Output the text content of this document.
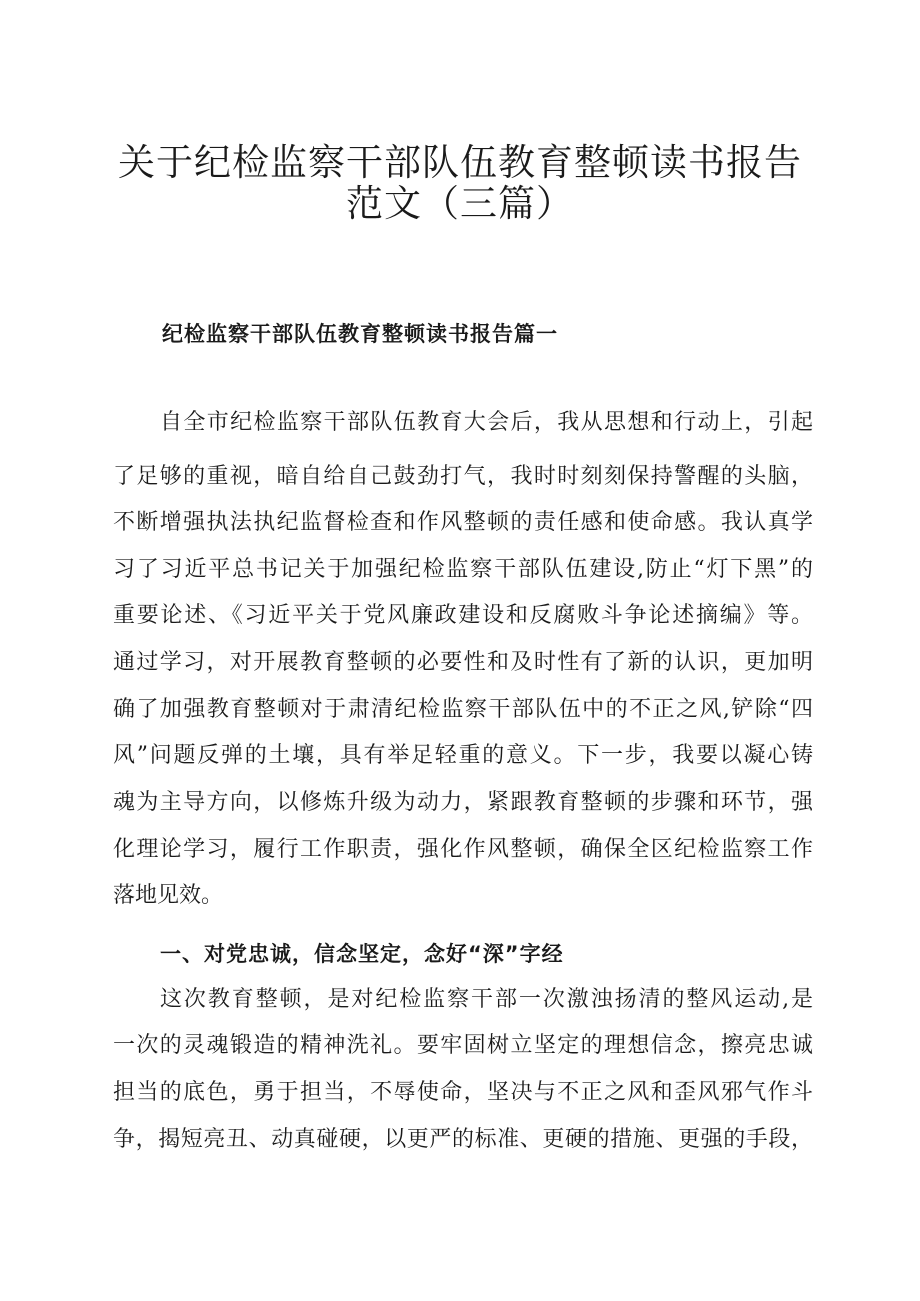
关于纪检监察干部队伍教育整顿读书报告
范文（三篇）
纪检监察干部队伍教育整顿读书报告篇一
自全市纪检监察干部队伍教育大会后，我从思想和行动上，引起
了足够的重视，暗自给自己鼓劲打气，我时时刻刻保持警醒的头脑，
不断增强执法执纪监督检查和作风整顿的责任感和使命感。我认真学
习了习近平总书记关于加强纪检监察干部队伍建设,防止“灯下黑”的
重要论述、《习近平关于党风廉政建设和反腐败斗争论述摘编》等。
通过学习，对开展教育整顿的必要性和及时性有了新的认识，更加明
确了加强教育整顿对于肃清纪检监察干部队伍中的不正之风,铲除“四
风”问题反弹的土壤，具有举足轻重的意义。下一步，我要以凝心铸
魂为主导方向，以修炼升级为动力，紧跟教育整顿的步骤和环节，强
化理论学习，履行工作职责，强化作风整顿，确保全区纪检监察工作
落地见效。
一、对党忠诚，信念坚定，念好“深”字经
这次教育整顿，是对纪检监察干部一次激浊扬清的整风运动,是
一次的灵魂锻造的精神洗礼。要牢固树立坚定的理想信念，擦亮忠诚
担当的底色，勇于担当，不辱使命，坚决与不正之风和歪风邪气作斗
争，揭短亮丑、动真碰硬，以更严的标准、更硬的措施、更强的手段，
